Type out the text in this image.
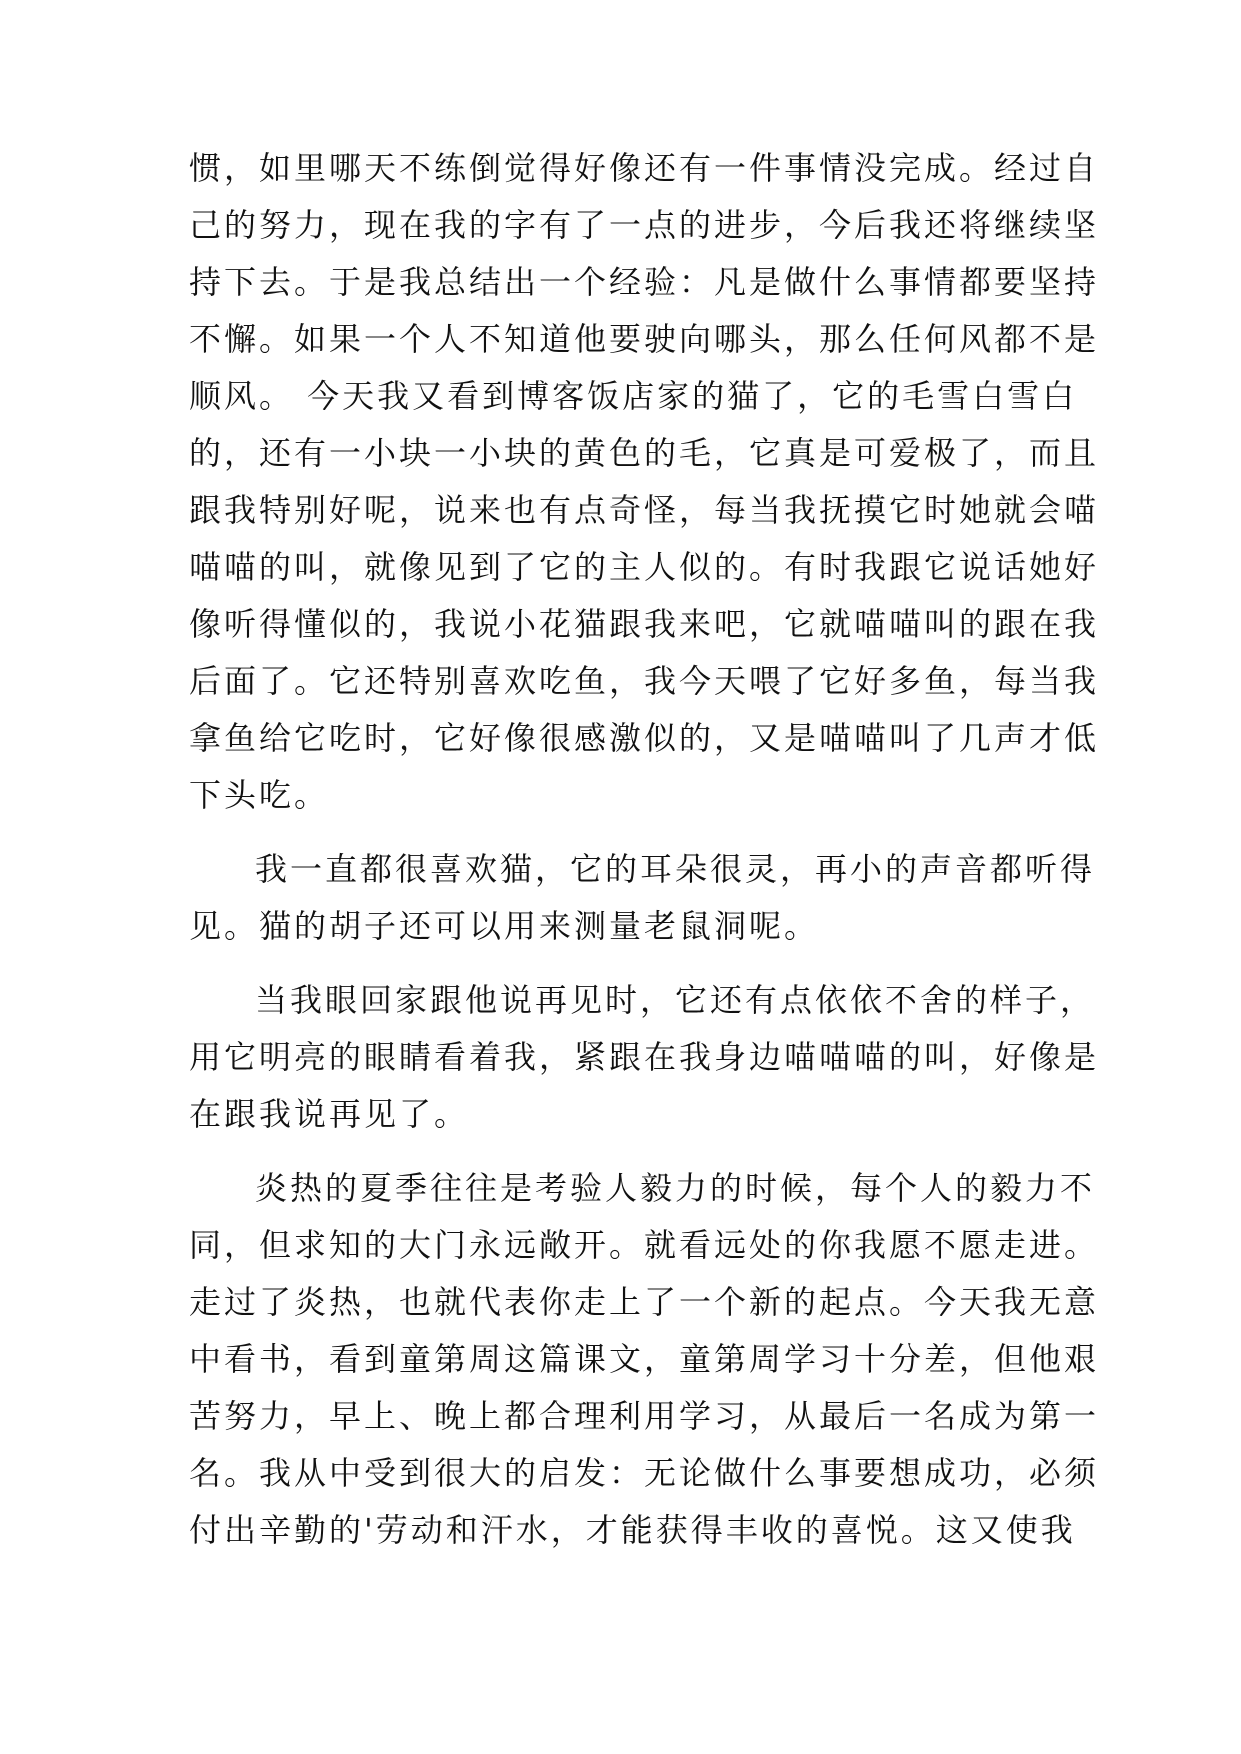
惯，如里哪天不练倒觉得好像还有一件事情没完成。经过自
己的努力，现在我的字有了一点的进步，今后我还将继续坚
持下去。于是我总结出一个经验：凡是做什么事情都要坚持
不懈。如果一个人不知道他要驶向哪头，那么任何风都不是
顺风。 今天我又看到博客饭店家的猫了，它的毛雪白雪白
的，还有一小块一小块的黄色的毛，它真是可爱极了，而且
跟我特别好呢，说来也有点奇怪，每当我抚摸它时她就会喵
喵喵的叫，就像见到了它的主人似的。有时我跟它说话她好
像听得懂似的，我说小花猫跟我来吧，它就喵喵叫的跟在我
后面了。它还特别喜欢吃鱼，我今天喂了它好多鱼，每当我
拿鱼给它吃时，它好像很感激似的，又是喵喵叫了几声才低
下头吃。
我一直都很喜欢猫，它的耳朵很灵，再小的声音都听得
见。猫的胡子还可以用来测量老鼠洞呢。
当我眼回家跟他说再见时，它还有点依依不舍的样子，
用它明亮的眼睛看着我，紧跟在我身边喵喵喵的叫，好像是
在跟我说再见了。
炎热的夏季往往是考验人毅力的时候，每个人的毅力不
同，但求知的大门永远敞开。就看远处的你我愿不愿走进。
走过了炎热，也就代表你走上了一个新的起点。今天我无意
中看书，看到童第周这篇课文，童第周学习十分差，但他艰
苦努力，早上、晚上都合理利用学习，从最后一名成为第一
名。我从中受到很大的启发：无论做什么事要想成功，必须
付出辛勤的'劳动和汗水，才能获得丰收的喜悦。这又使我
